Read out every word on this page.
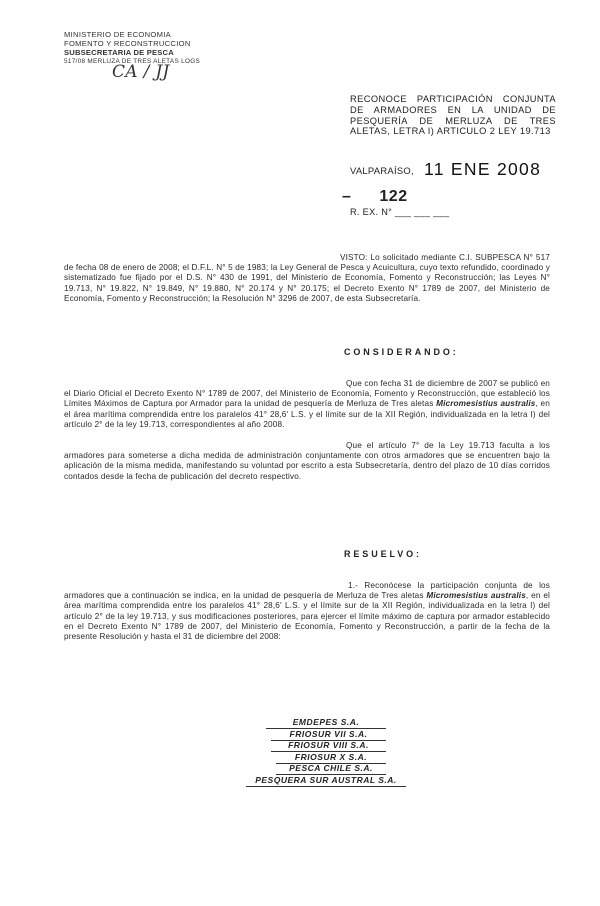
MINISTERIO DE ECONOMIA
FOMENTO Y RECONSTRUCCION
SUBSECRETARIA DE PESCA
517/08 MERLUZA DE TRES ALETAS LOGS
CA / JJ
RECONOCE PARTICIPACIÓN CONJUNTA DE ARMADORES EN LA UNIDAD DE PESQUERÍA DE MERLUZA DE TRES ALETAS, LETRA I) ARTICULO 2 LEY 19.713
VALPARAÍSO, 11 ENE 2008
– 122
R. EX. N° ___ ___ ___
VISTO: Lo solicitado mediante C.I. SUBPESCA N° 517 de fecha 08 de enero de 2008; el D.F.L. N° 5 de 1983; la Ley General de Pesca y Acuicultura, cuyo texto refundido, coordinado y sistematizado fue fijado por el D.S. N° 430 de 1991, del Ministerio de Economía, Fomento y Reconstrucción; las Leyes N° 19.713, N° 19.822, N° 19.849, N° 19.880, N° 20.174 y N° 20.175; el Decreto Exento N° 1789 de 2007, del Ministerio de Economía, Fomento y Reconstrucción; la Resolución N° 3296 de 2007, de esta Subsecretaría.
CONSIDERANDO:
Que con fecha 31 de diciembre de 2007 se publicó en el Diario Oficial el Decreto Exento N° 1789 de 2007, del Ministerio de Economía, Fomento y Reconstrucción, que estableció los Límites Máximos de Captura por Armador para la unidad de pesquería de Merluza de Tres aletas Micromesistius australis, en el área marítima comprendida entre los paralelos 41° 28,6' L.S. y el límite sur de la XII Región, individualizada en la letra I) del artículo 2° de la ley 19.713, correspondientes al año 2008.
Que el artículo 7° de la Ley 19.713 faculta a los armadores para someterse a dicha medida de administración conjuntamente con otros armadores que se encuentren bajo la aplicación de la misma medida, manifestando su voluntad por escrito a esta Subsecretaría, dentro del plazo de 10 días corridos contados desde la fecha de publicación del decreto respectivo.
RESUELVO:
1.- Reconócese la participación conjunta de los armadores que a continuación se indica, en la unidad de pesquería de Merluza de Tres aletas Micromesistius australis, en el área marítima comprendida entre los paralelos 41° 28,6' L.S. y el límite sur de la XII Región, individualizada en la letra I) del artículo 2° de la ley 19.713, y sus modificaciones posteriores, para ejercer el límite máximo de captura por armador establecido en el Decreto Exento N° 1789 de 2007, del Ministerio de Economía, Fomento y Reconstrucción, a partir de la fecha de la presente Resolución y hasta el 31 de diciembre del 2008:
EMDEPES S.A.
FRIOSUR VII S.A.
FRIOSUR VIII S.A.
FRIOSUR X S.A.
PESCA CHILE S.A.
PESQUERA SUR AUSTRAL S.A.
